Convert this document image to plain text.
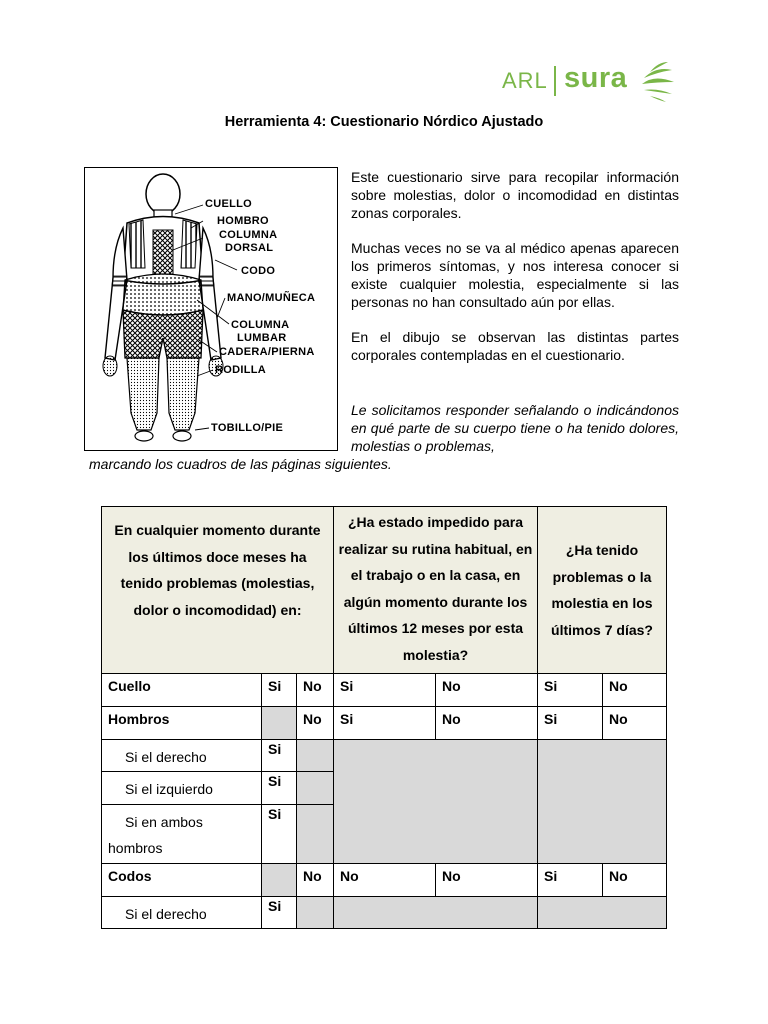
ARL sura
Herramienta 4: Cuestionario Nórdico Ajustado
CUELLO
HOMBRO
COLUMNA
DORSAL
CODO
MANO/MUÑECA
COLUMNA
LUMBAR
CADERA/PIERNA
RODILLA
TOBILLO/PIE

Este cuestionario sirve para recopilar información sobre molestias, dolor o incomodidad en distintas zonas corporales.

Muchas veces no se va al médico apenas aparecen los primeros síntomas, y nos interesa conocer si existe cualquier molestia, especialmente si las personas no han consultado aún por ellas.

En el dibujo se observan las distintas partes corporales contempladas en el cuestionario.

Le solicitamos responder señalando o indicándonos en qué parte de su cuerpo tiene o ha tenido dolores, molestias o problemas,
marcando los cuadros de las páginas siguientes.
En cualquier momento durante los últimos doce meses ha tenido problemas (molestias, dolor o incomodidad) en:			¿Ha estado impedido para realizar su rutina habitual, en el trabajo o en la casa, en algún momento durante los últimos 12 meses por esta molestia?		¿Ha tenido problemas o la molestia en los últimos 7 días?	
Cuello	Si	No	Si	No	Si	No
Hombros		No	Si	No	Si	No
Si el derecho	Si					
Si el izquierdo	Si					
Si en ambos hombros	Si					
Codos		No	No	No	Si	No
Si el derecho	Si					
